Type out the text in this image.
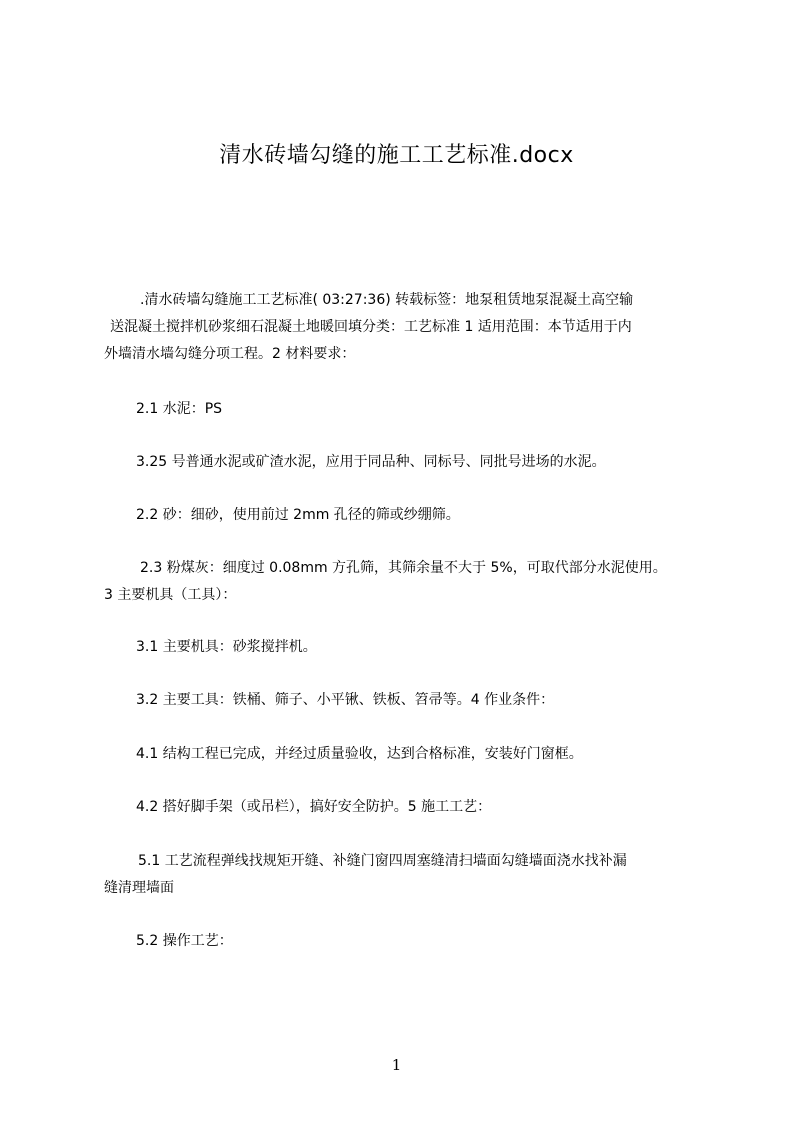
清水砖墙勾缝的施工工艺标准.docx
.清水砖墙勾缝施工工艺标准( 03:27:36) 转载标签：地泵租赁地泵混凝土高空输
送混凝土搅拌机砂浆细石混凝土地暖回填分类：工艺标准 1 适用范围：本节适用于内
外墙清水墙勾缝分项工程。2 材料要求：
2.1 水泥：PS
3.25 号普通水泥或矿渣水泥，应用于同品种、同标号、同批号进场的水泥。
2.2 砂：细砂，使用前过 2mm 孔径的筛或纱绷筛。
2.3 粉煤灰：细度过 0.08mm 方孔筛，其筛余量不大于 5%，可取代部分水泥使用。
3 主要机具（工具）：
3.1 主要机具：砂浆搅拌机。
3.2 主要工具：铁桶、筛子、小平锹、铁板、笤帚等。4 作业条件：
4.1 结构工程已完成，并经过质量验收，达到合格标准，安装好门窗框。
4.2 搭好脚手架（或吊栏），搞好安全防护。5 施工工艺：
5.1 工艺流程弹线找规矩开缝、补缝门窗四周塞缝清扫墙面勾缝墙面浇水找补漏
缝清理墙面
5.2 操作工艺：
1
